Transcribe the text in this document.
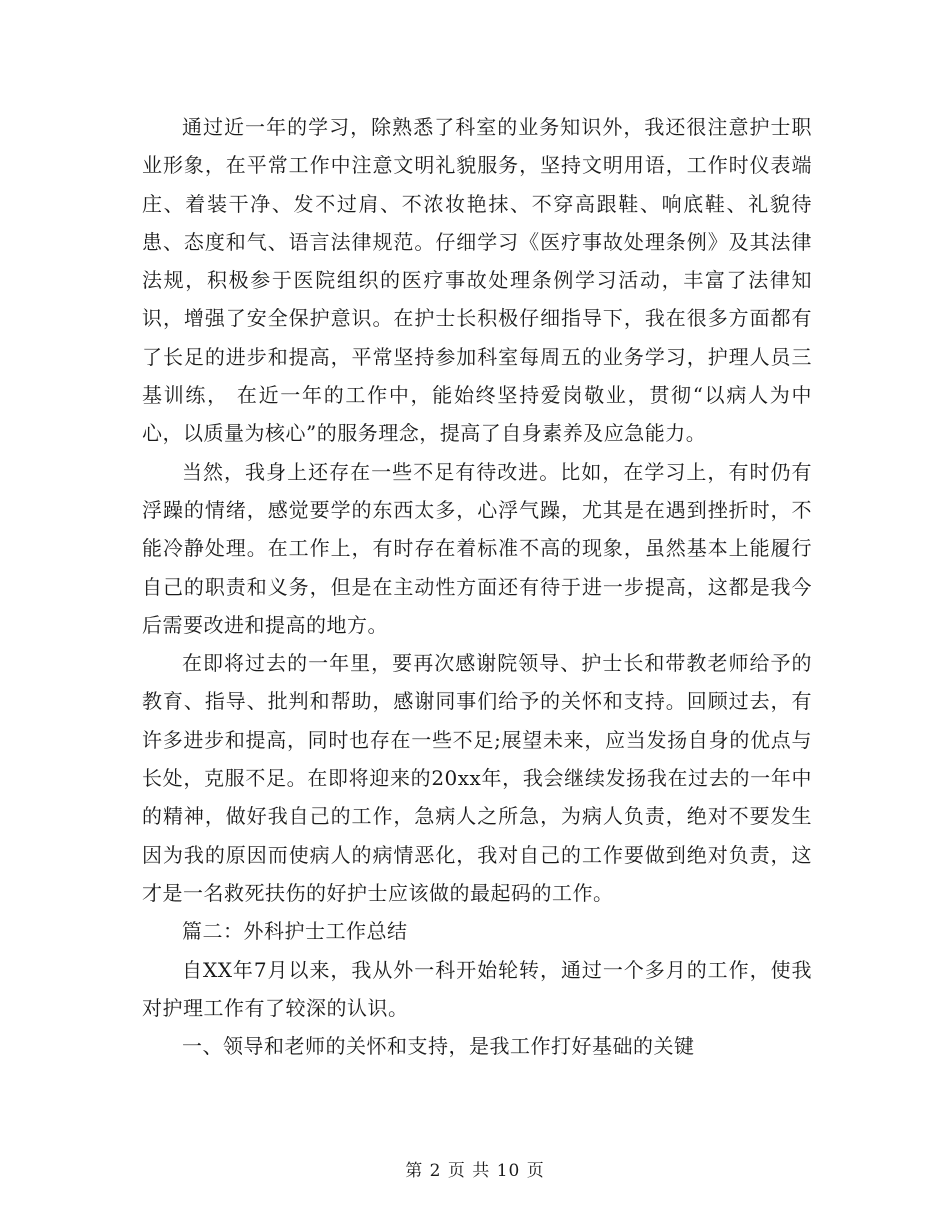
通过近一年的学习，除熟悉了科室的业务知识外，我还很注意护士职业形象，在平常工作中注意文明礼貌服务，坚持文明用语，工作时仪表端庄、着装干净、发不过肩、不浓妆艳抹、不穿高跟鞋、响底鞋、礼貌待患、态度和气、语言法律规范。仔细学习《医疗事故处理条例》及其法律法规，积极参于医院组织的医疗事故处理条例学习活动，丰富了法律知识，增强了安全保护意识。在护士长积极仔细指导下，我在很多方面都有了长足的进步和提高，平常坚持参加科室每周五的业务学习，护理人员三基训练， 在近一年的工作中，能始终坚持爱岗敬业，贯彻“以病人为中心，以质量为核心”的服务理念，提高了自身素养及应急能力。

当然，我身上还存在一些不足有待改进。比如，在学习上，有时仍有浮躁的情绪，感觉要学的东西太多，心浮气躁，尤其是在遇到挫折时，不能冷静处理。在工作上，有时存在着标准不高的现象，虽然基本上能履行自己的职责和义务，但是在主动性方面还有待于进一步提高，这都是我今后需要改进和提高的地方。

在即将过去的一年里，要再次感谢院领导、护士长和带教老师给予的教育、指导、批判和帮助，感谢同事们给予的关怀和支持。回顾过去，有许多进步和提高，同时也存在一些不足;展望未来，应当发扬自身的优点与长处，克服不足。在即将迎来的20xx年，我会继续发扬我在过去的一年中的精神，做好我自己的工作，急病人之所急，为病人负责，绝对不要发生因为我的原因而使病人的病情恶化，我对自己的工作要做到绝对负责，这才是一名救死扶伤的好护士应该做的最起码的工作。

篇二：外科护士工作总结

自XX年7月以来，我从外一科开始轮转，通过一个多月的工作，使我对护理工作有了较深的认识。

一、领导和老师的关怀和支持，是我工作打好基础的关键

第 2 页 共 10 页
